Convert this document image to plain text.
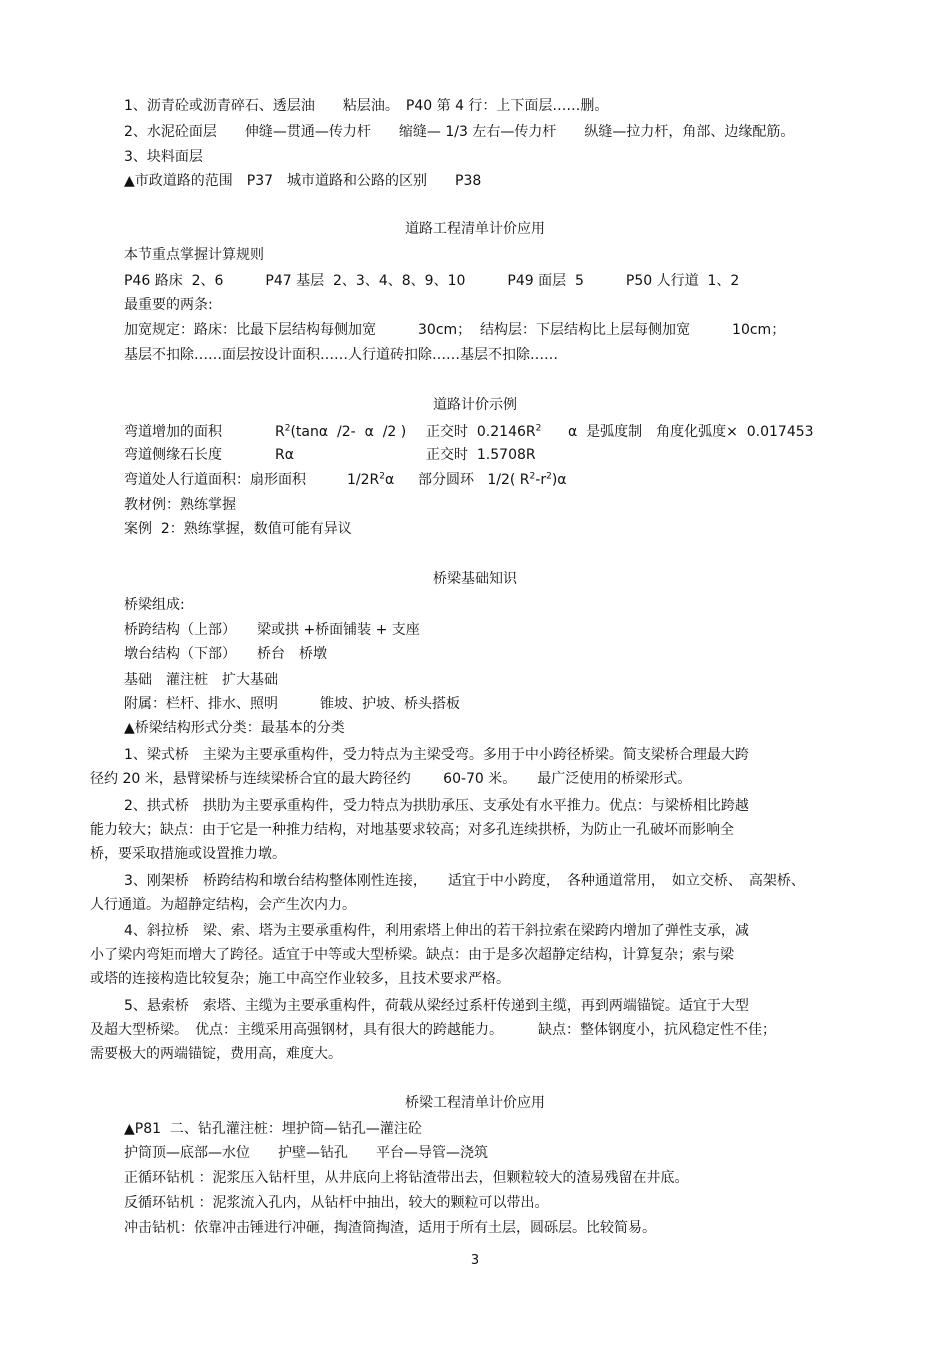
1、沥青砼或沥青碎石、透层油　　粘层油。　P40 第 4 行：上下面层……删。
2、水泥砼面层　　伸缝—贯通—传力杆　　缩缝— 1/3 左右—传力杆　　纵缝—拉力杆，角部、边缘配筋。
3、块料面层
▲市政道路的范围　P37　城市道路和公路的区别　　P38
道路工程清单计价应用
本节重点掌握计算规则
P46 路床  2、6　　　P47 基层  2、3、4、8、9、10　　　P49 面层  5　　　P50 人行道  1、2
最重要的两条:
加宽规定：路床：比最下层结构每侧加宽　　　30cm；  结构层：下层结构比上层每侧加宽　　　10cm；
基层不扣除……面层按设计面积……人行道砖扣除……基层不扣除……
道路计价示例
弯道增加的面积	$R^2(\tan\alpha$  /2-  α  /2 ) 正交时  $0.2146R^2$ α  是弧度制　角度化弧度×  0.017453
弯道侧缘石长度	Rα	正交时  1.5708R
弯道处人行道面积：扇形面积	$1/2R^2\alpha$ 部分圆环   1/2( $R^2-r^2)\alpha$
教材例：熟练掌握
案例  2：熟练掌握，数值可能有异议
桥梁基础知识
桥梁组成:
桥跨结构（上部）　　梁或拱 +桥面铺装 + 支座
墩台结构（下部）　　桥台　桥墩
基础　灌注桩　扩大基础
附属：栏杆、排水、照明　　　锥坡、护坡、桥头搭板
▲桥梁结构形式分类：最基本的分类
1、梁式桥　主梁为主要承重构件，受力特点为主梁受弯。多用于中小跨径桥梁。简支梁桥合理最大跨
径约 20 米，悬臂梁桥与连续梁桥合宜的最大跨径约　　 60-70 米。　　最广泛使用的桥梁形式。
2、拱式桥　拱肋为主要承重构件，受力特点为拱肋承压、支承处有水平推力。优点：与梁桥相比跨越
能力较大；缺点：由于它是一种推力结构，对地基要求较高；对多孔连续拱桥，为防止一孔破坏而影响全
桥，要采取措施或设置推力墩。
3、刚架桥　桥跨结构和墩台结构整体刚性连接，　　适宜于中小跨度，　各种通道常用，　如立交桥、　高架桥、
人行通道。为超静定结构，会产生次内力。
4、斜拉桥　梁、索、塔为主要承重构件，利用索塔上伸出的若干斜拉索在梁跨内增加了弹性支承，减
小了梁内弯矩而增大了跨径。适宜于中等或大型桥梁。缺点：由于是多次超静定结构，计算复杂；索与梁
或塔的连接构造比较复杂；施工中高空作业较多，且技术要求严格。
5、悬索桥　索塔、主缆为主要承重构件，荷载从梁经过系杆传递到主缆，再到两端锚锭。适宜于大型
及超大型桥梁。　优点：主缆采用高强钢材，具有很大的跨越能力。　　　缺点：整体钢度小，抗风稳定性不佳；
需要极大的两端锚锭，费用高，难度大。
桥梁工程清单计价应用
▲P81  二、钻孔灌注桩：埋护筒—钻孔—灌注砼
护筒顶—底部—水位　　护壁—钻孔　　平台—导管—浇筑
正循环钻机 ：泥浆压入钻杆里，从井底向上将钻渣带出去，但颗粒较大的渣易残留在井底。
反循环钻机 ：泥浆流入孔内，从钻杆中抽出，较大的颗粒可以带出。
冲击钻机：依靠冲击锤进行冲砸，掏渣筒掏渣，适用于所有土层，圆砾层。比较简易。
3
